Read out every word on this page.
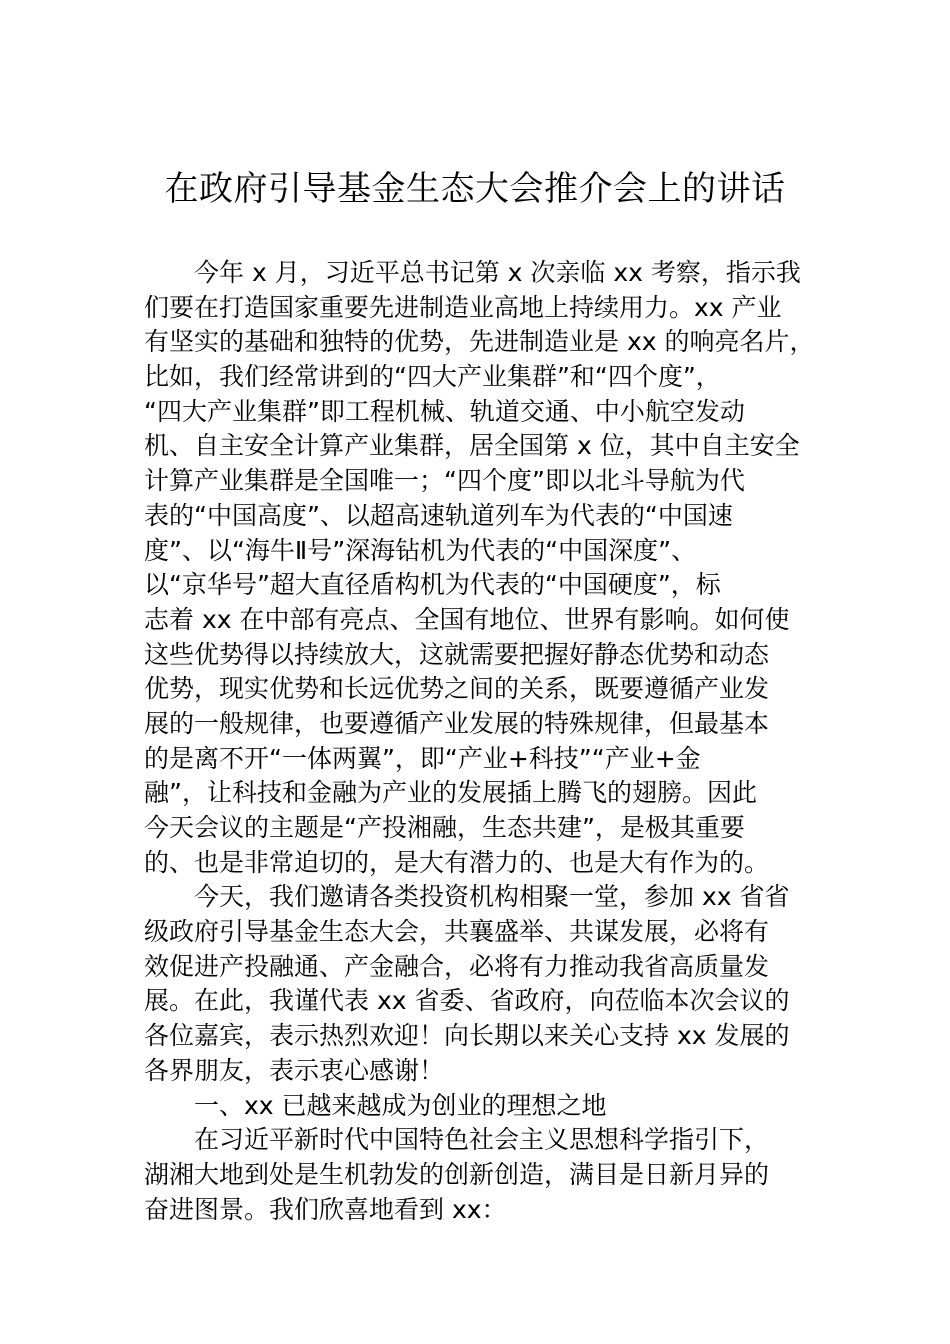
在政府引导基金生态大会推介会上的讲话
今年 x 月，习近平总书记第 x 次亲临 xx 考察，指示我
们要在打造国家重要先进制造业高地上持续用力。xx 产业
有坚实的基础和独特的优势，先进制造业是 xx 的响亮名片，
比如，我们经常讲到的“四大产业集群”和“四个度”，
“四大产业集群”即工程机械、轨道交通、中小航空发动
机、自主安全计算产业集群，居全国第 x 位，其中自主安全
计算产业集群是全国唯一；“四个度”即以北斗导航为代
表的“中国高度”、以超高速轨道列车为代表的“中国速
度”、以“海牛Ⅱ号”深海钻机为代表的“中国深度”、
以“京华号”超大直径盾构机为代表的“中国硬度”，标
志着 xx 在中部有亮点、全国有地位、世界有影响。如何使
这些优势得以持续放大，这就需要把握好静态优势和动态
优势，现实优势和长远优势之间的关系，既要遵循产业发
展的一般规律，也要遵循产业发展的特殊规律，但最基本
的是离不开“一体两翼”，即“产业+科技”“产业+金
融”，让科技和金融为产业的发展插上腾飞的翅膀。因此
今天会议的主题是“产投湘融，生态共建”，是极其重要
的、也是非常迫切的，是大有潜力的、也是大有作为的。
今天，我们邀请各类投资机构相聚一堂，参加 xx 省省
级政府引导基金生态大会，共襄盛举、共谋发展，必将有
效促进产投融通、产金融合，必将有力推动我省高质量发
展。在此，我谨代表 xx 省委、省政府，向莅临本次会议的
各位嘉宾，表示热烈欢迎！向长期以来关心支持 xx 发展的
各界朋友，表示衷心感谢！
一、xx 已越来越成为创业的理想之地
在习近平新时代中国特色社会主义思想科学指引下，
湖湘大地到处是生机勃发的创新创造，满目是日新月异的
奋进图景。我们欣喜地看到 xx：
